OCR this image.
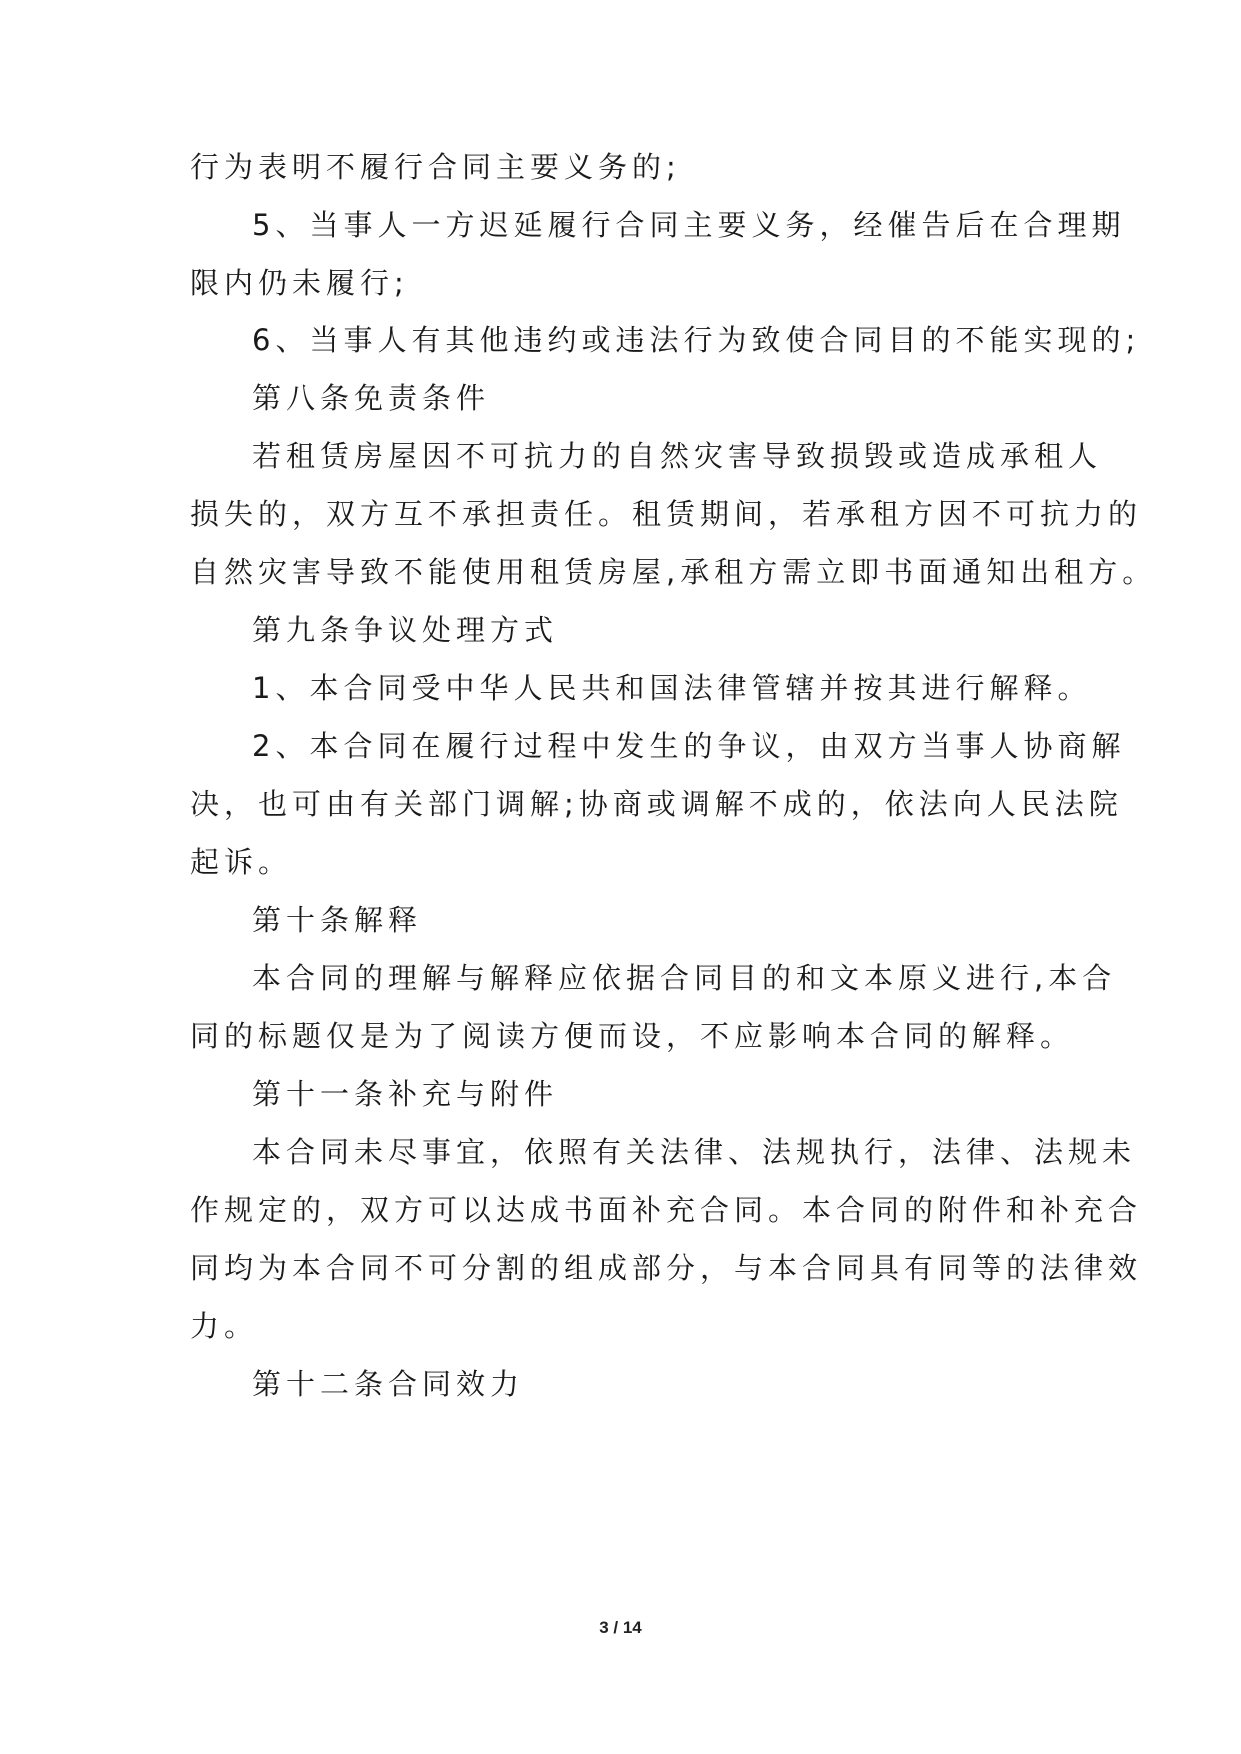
行为表明不履行合同主要义务的;
5、当事人一方迟延履行合同主要义务，经催告后在合理期
限内仍未履行;
6、当事人有其他违约或违法行为致使合同目的不能实现的;
第八条免责条件
若租赁房屋因不可抗力的自然灾害导致损毁或造成承租人
损失的，双方互不承担责任。租赁期间，若承租方因不可抗力的
自然灾害导致不能使用租赁房屋,承租方需立即书面通知出租方。
第九条争议处理方式
1、本合同受中华人民共和国法律管辖并按其进行解释。
2、本合同在履行过程中发生的争议，由双方当事人协商解
决，也可由有关部门调解;协商或调解不成的，依法向人民法院
起诉。
第十条解释
本合同的理解与解释应依据合同目的和文本原义进行,本合
同的标题仅是为了阅读方便而设，不应影响本合同的解释。
第十一条补充与附件
本合同未尽事宜，依照有关法律、法规执行，法律、法规未
作规定的，双方可以达成书面补充合同。本合同的附件和补充合
同均为本合同不可分割的组成部分，与本合同具有同等的法律效
力。
第十二条合同效力
3 / 14
